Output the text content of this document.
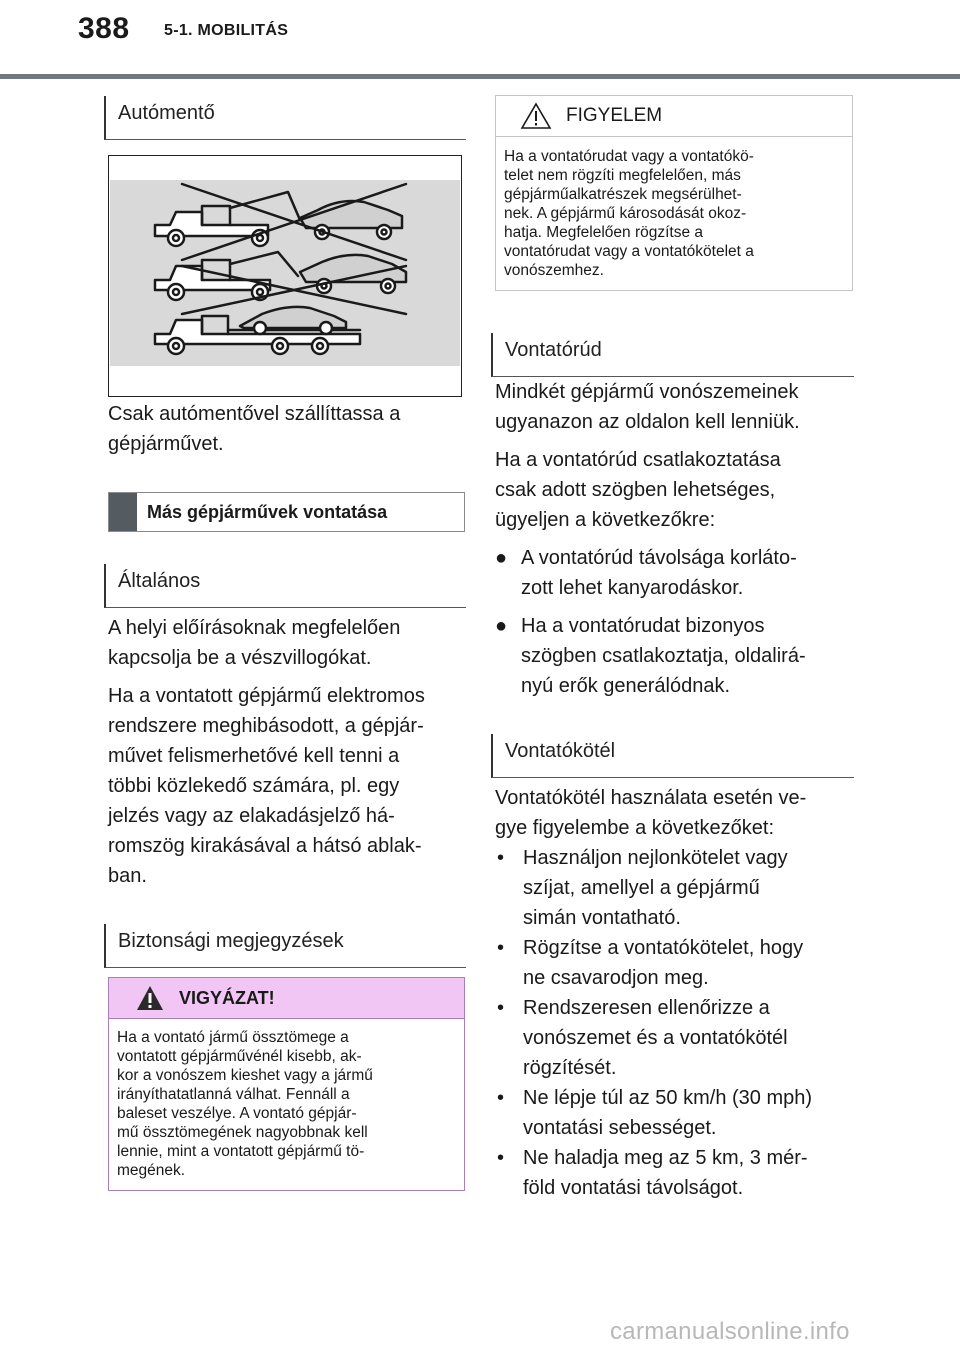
388 5-1. MOBILITÁS
Autómentő

Csak autómentővel szállíttassa a

gépjárművet.

Más gépjárművek vontatása
Általános

A helyi előírásoknak megfelelően

kapcsolja be a vészvillogókat.

Ha a vontatott gépjármű elektromos

rendszere meghibásodott, a gépjár-

művet felismerhetővé kell tenni a

többi közlekedő számára, pl. egy

jelzés vagy az elakadásjelző há-

romszög kirakásával a hátsó ablak-

ban.

Biztonsági megjegyzések
VIGYÁZAT!
Ha a vontató jármű össztömege a
vontatott gépjárművénél kisebb, ak-
kor a vonószem kieshet vagy a jármű
irányíthatatlanná válhat. Fennáll a
baleset veszélye. A vontató gépjár-
mű össztömegének nagyobbnak kell
lennie, mint a vontatott gépjármű tö-
megének.
FIGYELEM
Ha a vontatórudat vagy a vontatókö-
telet nem rögzíti megfelelően, más
gépjárműalkatrészek megsérülhet-
nek. A gépjármű károsodását okoz-
hatja. Megfelelően rögzítse a
vontatórudat vagy a vontatókötelet a
vonószemhez.
Vontatórúd

Mindkét gépjármű vonószemeinek

ugyanazon az oldalon kell lenniük.

Ha a vontatórúd csatlakoztatása

csak adott szögben lehetséges,

ügyeljen a következőkre:

● A vontatórúd távolsága korláto-
zott lehet kanyarodáskor.
● Ha a vontatórudat bizonyos
szögben csatlakoztatja, oldalirá-
nyú erők generálódnak.
Vontatókötél

Vontatókötél használata esetén ve-

gye figyelembe a következőket:

• Használjon nejlonkötelet vagy
szíjat, amellyel a gépjármű
simán vontatható.
• Rögzítse a vontatókötelet, hogy
ne csavarodjon meg.
• Rendszeresen ellenőrizze a
vonószemet és a vontatókötél
rögzítését.
• Ne lépje túl az 50 km/h (30 mph)
vontatási sebességet.
• Ne haladja meg az 5 km, 3 mér-
föld vontatási távolságot.
carmanualsonline.info
